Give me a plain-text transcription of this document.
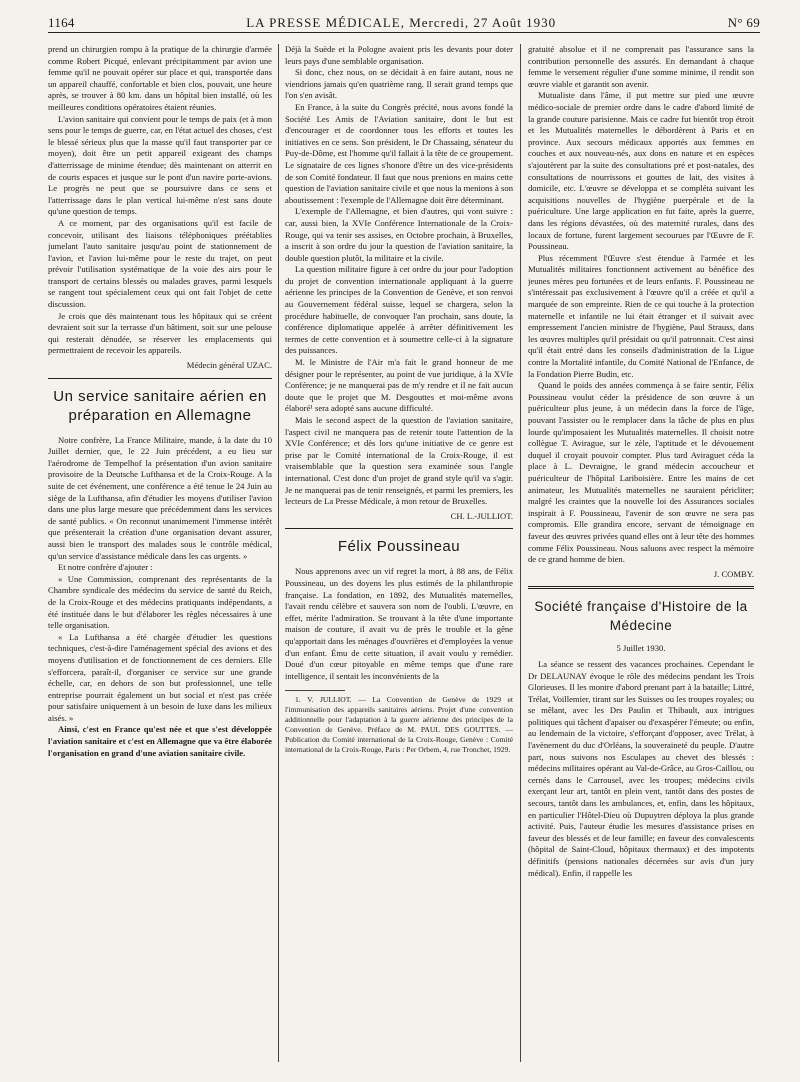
1164	LA PRESSE MÉDICALE, Mercredi, 27 Août 1930	N° 69

prend un chirurgien rompu à la pratique de la chirurgie d'armée comme Robert Picqué, enlevant précipitamment par avion une femme qu'il ne pouvait opérer sur place et qui, transportée dans un appareil chauffé, confortable et bien clos, pouvait, une heure après, se trouver à 80 km. dans un hôpital bien installé, où les meilleures conditions opératoires étaient réunies.

L'avion sanitaire qui convient pour le temps de paix (et à mon sens pour le temps de guerre, car, en l'état actuel des choses, c'est le blessé sérieux plus que la masse qu'il faut transporter par ce moyen), doit être un petit appareil exigeant des champs d'atterrissage de minime étendue; dès maintenant on atterrit en de courts espaces et jusque sur le pont d'un navire porte-avions. Le progrès ne peut que se poursuivre dans ce sens et l'atterrissage dans le plan vertical lui-même n'est sans doute qu'une question de temps.

A ce moment, par des organisations qu'il est facile de concevoir, utilisant des liaisons téléphoniques préétablies jumelant l'auto sanitaire jusqu'au point de stationnement de l'avion, et l'avion lui-même pour le reste du trajet, on peut prévoir l'utilisation systématique de la voie des airs pour le transport de certains blessés ou malades graves, parmi lesquels se rangent tout spécialement ceux qui ont fait l'objet de cette discussion.

Je crois que dès maintenant tous les hôpitaux qui se créent devraient soit sur la terrasse d'un bâtiment, soit sur une pelouse qui resterait dénudée, se réserver les emplacements qui permettraient de recevoir les appareils.

Médecin général UZAC.
Un service sanitaire aérien en préparation en Allemagne

Notre confrère, La France Militaire, mande, à la date du 10 Juillet dernier, que, le 22 Juin précédent, a eu lieu sur l'aérodrome de Tempelhof la présentation d'un avion sanitaire provisoire de la Deutsche Lufthansa et de la Croix-Rouge. A la suite de cet événement, une conférence a été tenue le 24 Juin au siège de la Lufthansa, afin d'étudier les moyens d'utiliser l'avion dans une plus large mesure que précédemment dans les services de santé publics. « On reconnut unanimement l'immense intérêt que présenterait la création d'une organisation devant assurer, aussi bien le transport des malades sous le contrôle médical, qu'un service d'assistance médicale dans les cas urgents. »

Et notre confrère d'ajouter :

« Une Commission, comprenant des représentants de la Chambre syndicale des médecins du service de santé du Reich, de la Croix-Rouge et des médecins pratiquants indépendants, a été instituée dans le but d'élaborer les règles nécessaires à une telle organisation.

« La Lufthansa a été chargée d'étudier les questions techniques, c'est-à-dire l'aménagement spécial des avions et des moyens d'utilisation et de fonctionnement de ces derniers. Elle s'efforcera, paraît-il, d'organiser ce service sur une grande échelle, car, en dehors de son but professionnel, une telle entreprise pourrait également un but social et n'est pas créée pour satisfaire uniquement à un besoin de luxe dans les milieux aisés. »

Ainsi, c'est en France qu'est née et que s'est développée l'aviation sanitaire et c'est en Allemagne que va être élaborée l'organisation en grand d'une aviation sanitaire civile.

Déjà la Suède et la Pologne avaient pris les devants pour doter leurs pays d'une semblable organisation.

Si donc, chez nous, on se décidait à en faire autant, nous ne viendrions jamais qu'en quatrième rang. Il serait grand temps que l'on s'en avisât.

En France, à la suite du Congrès précité, nous avons fondé la Société Les Amis de l'Aviation sanitaire, dont le but est d'encourager et de coordonner tous les efforts et toutes les initiatives en ce sens. Son président, le Dr Chassaing, sénateur du Puy-de-Dôme, est l'homme qu'il fallait à la tête de ce groupement. Le signataire de ces lignes s'honore d'être un des vice-présidents de son Comité fondateur. Il faut que nous prenions en mains cette question de l'aviation sanitaire civile et que nous la menions à son aboutissement : l'exemple de l'Allemagne doit être déterminant.

L'exemple de l'Allemagne, et bien d'autres, qui vont suivre : car, aussi bien, la XVIe Conférence Internationale de la Croix-Rouge, qui va tenir ses assises, en Octobre prochain, à Bruxelles, a inscrit à son ordre du jour la question de l'aviation sanitaire, la double question plutôt, la militaire et la civile.

La question militaire figure à cet ordre du jour pour l'adoption du projet de convention internationale appliquant à la guerre aérienne les principes de la Convention de Genève, et son renvoi au Gouvernement fédéral suisse, lequel se chargera, selon la procédure habituelle, de convoquer l'an prochain, sans doute, la conférence diplomatique appelée à arrêter définitivement les termes de cette convention et à soumettre celle-ci à la signature des puissances.

M. le Ministre de l'Air m'a fait le grand honneur de me désigner pour le représenter, au point de vue juridique, à la XVIe Conférence; je ne manquerai pas de m'y rendre et il ne fait aucun doute que le projet que M. Desgouttes et moi-même avons élaboré¹ sera adopté sans aucune difficulté.

Mais le second aspect de la question de l'aviation sanitaire, l'aspect civil ne manquera pas de retenir toute l'attention de la XVIe Conférence; et dès lors qu'une initiative de ce genre est prise par le Comité international de la Croix-Rouge, il est vraisemblable que la question sera examinée sous l'angle international. C'est donc d'un projet de grand style qu'il va s'agir. Je ne manquerai pas de tenir renseignés, et parmi les premiers, les lecteurs de La Presse Médicale, à mon retour de Bruxelles.

CH. L.-JULLIOT.
Félix Poussineau

Nous apprenons avec un vif regret la mort, à 88 ans, de Félix Poussineau, un des doyens les plus estimés de la philanthropie française. La fondation, en 1892, des Mutualités maternelles, l'avait rendu célèbre et sauvera son nom de l'oubli. L'œuvre, en effet, mérite l'admiration. Se trouvant à la tête d'une importante maison de couture, il avait vu de près le trouble et la gêne qu'apportait dans les ménages d'ouvrières et d'employées la venue d'un enfant. Ému de cette situation, il avait voulu y remédier. Doué d'un cœur pitoyable en même temps que d'une rare intelligence, il sentait les inconvénients de la

1. V. JULLIOT. — La Convention de Genève de 1929 et l'immunisation des appareils sanitaires aériens. Projet d'une convention additionnelle pour l'adaptation à la guerre aérienne des principes de la Convention de Genève. Préface de M. PAUL DES GOUTTES. — Publication du Comité international de la Croix-Rouge, Genève : Comité international de la Croix-Rouge, Paris : Per Orbem, 4, rue Tronchet, 1929.

gratuité absolue et il ne comprenait pas l'assurance sans la contribution personnelle des assurés. En demandant à chaque femme le versement régulier d'une somme minime, il rendit son œuvre viable et garantit son avenir.

Mutualiste dans l'âme, il put mettre sur pied une œuvre médico-sociale de premier ordre dans le cadre d'abord limité de la grande couture parisienne. Mais ce cadre fut bientôt trop étroit et les Mutualités maternelles le débordèrent à Paris et en province. Aux secours médicaux apportés aux femmes en couches et aux nouveau-nés, aux dons en nature et en espèces s'ajoutèrent par la suite des consultations pré et post-natales, des consultations de nourrissons et gouttes de lait, des visites à domicile, etc. L'œuvre se développa et se compléta suivant les acquisitions nouvelles de l'hygiène puerpérale et de la puériculture. Une large application en fut faite, après la guerre, dans les régions dévastées, où des maternité rurales, dans des locaux de fortune, furent largement secourues par l'Œuvre de F. Poussineau.

Plus récemment l'Œuvre s'est étendue à l'armée et les Mutualités militaires fonctionnent activement au bénéfice des jeunes mères peu fortunées et de leurs enfants. F. Poussineau ne s'intéressait pas exclusivement à l'œuvre qu'il a créée et qu'il a marquée de son empreinte. Rien de ce qui touche à la protection maternelle et infantile ne lui était étranger et il suivait avec empressement l'ancien ministre de l'hygiène, Paul Strauss, dans les œuvres multiples qu'il présidait ou qu'il patronnait. C'est ainsi qu'il était entré dans les conseils d'administration de la Ligue contre la Mortalité infantile, du Comité National de l'Enfance, de la Fondation Pierre Budin, etc.

Quand le poids des années commença à se faire sentir, Félix Poussineau voulut céder la présidence de son œuvre à un puériculteur plus jeune, à un médecin dans la force de l'âge, pouvant l'assister ou le remplacer dans la tâche de plus en plus lourde qu'imposaient les Mutualités maternelles. Il choisit notre collègue T. Avirague, sur le zèle, l'aptitude et le dévouement duquel il croyait pouvoir compter. Plus tard Aviraguet céda la place à L. Devraigne, le grand médecin accoucheur et puériculteur de l'hôpital Lariboisière. Entre les mains de cet animateur, les Mutualités maternelles ne sauraient péricliter; malgré les craintes que la nouvelle loi des Assurances sociales inspirait à F. Poussineau, l'avenir de son œuvre ne sera pas compromis. Elle grandira encore, servant de témoignage en faveur des œuvres privées quand elles ont à leur tête des hommes comme Félix Poussineau. Nous saluons avec respect la mémoire de ce grand homme de bien.

J. COMBY.
Société française d'Histoire de la Médecine
5 Juillet 1930.

La séance se ressent des vacances prochaines. Cependant le Dr DELAUNAY évoque le rôle des médecins pendant les Trois Glorieuses. Il les montre d'abord prenant part à la bataille; Littré, Trélat, Voillemier, tirant sur les Suisses ou les troupes royales; ou se mêlant, avec les Drs Paulin et Thibault, aux intrigues politiques qui tâchent d'apaiser ou d'exaspérer l'émeute; ou enfin, au lendemain de la victoire, s'efforçant d'opposer, avec Trélat, à l'avènement du duc d'Orléans, la souveraineté du peuple. D'autre part, nous suivons nos Esculapes au chevet des blessés : médecins militaires opérant au Val-de-Grâce, au Gros-Caillou, ou cernés dans le Carrousel, avec les troupes; médecins civils exerçant leur art, tantôt en plein vent, tantôt dans des postes de secours, tantôt dans les ambulances, et, enfin, dans les hôpitaux, en particulier l'Hôtel-Dieu où Dupuytren déploya la plus grande activité. Puis, l'auteur étudie les mesures d'assistance prises en faveur des blessés et de leur famille; en faveur des convalescents (hôpital de Saint-Cloud, hôpitaux thermaux) et des impotents définitifs (pensions nationales décernées sur avis d'un jury médical). Enfin, il rappelle les
